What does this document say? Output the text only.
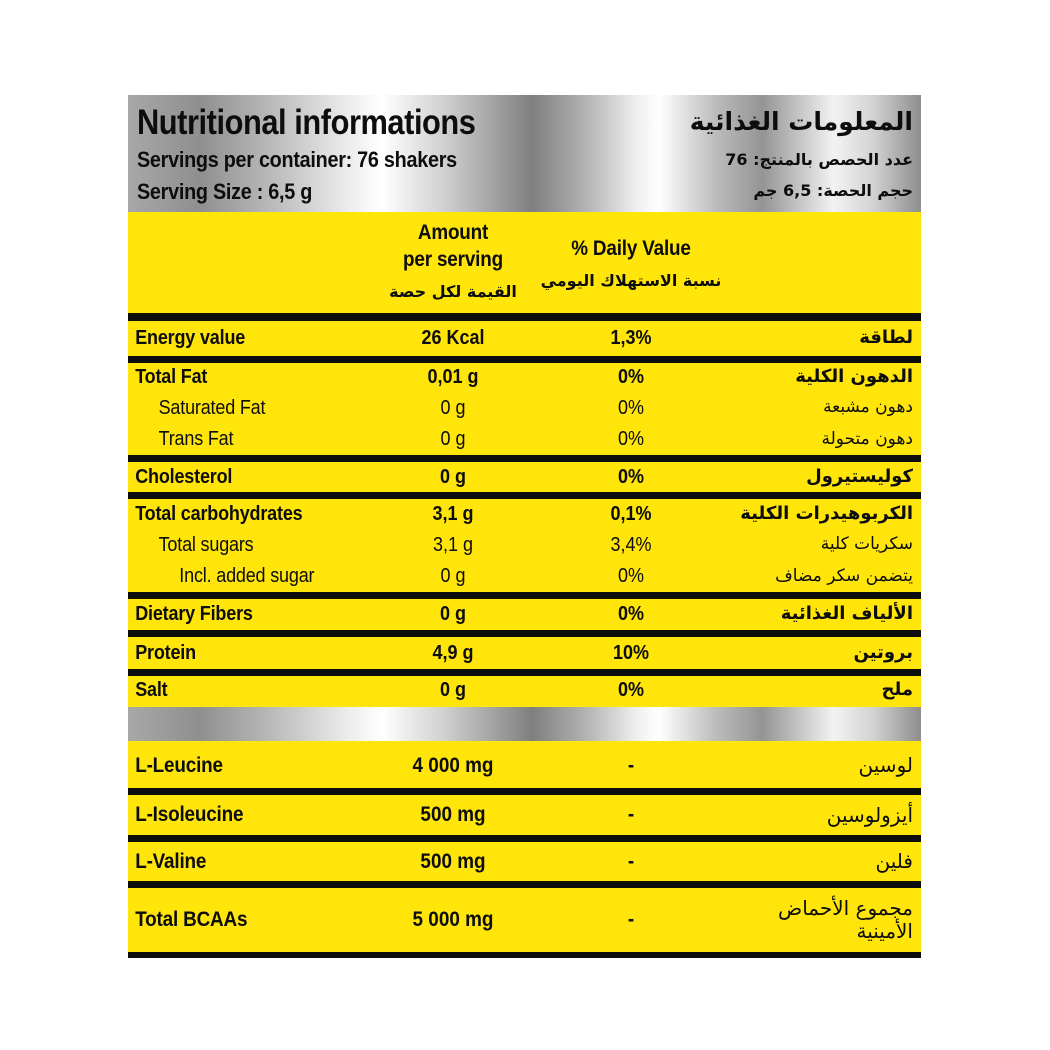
Nutritional informations
Servings per container: 76 shakers
Serving Size : 6,5 g
المعلومات الغذائية
عدد الحصص بالمنتج: 76
حجم الحصة: 6,5 جم
Amount
per serving
القيمة لكل حصة
% Daily Value
نسبة الاستهلاك اليومي
Energy value	26 Kcal	1,3%	لطاقة
Total Fat	0,01 g	0%	الدهون الكلية
Saturated Fat	0 g	0%	دهون مشبعة
Trans Fat	0 g	0%	دهون متحولة
Cholesterol	0 g	0%	كوليستيرول
Total carbohydrates	3,1 g	0,1%	الكربوهيدرات الكلية
Total sugars	3,1 g	3,4%	سكريات كلية
Incl. added sugar	0 g	0%	يتضمن سكر مضاف
Dietary Fibers	0 g	0%	الألياف الغذائية
Protein	4,9 g	10%	بروتين
Salt	0 g	0%	ملح
L-Leucine	4 000 mg	-	لوسين
L-Isoleucine	500 mg	-	أيزولوسين
L-Valine	500 mg	-	فلين
Total BCAAs	5 000 mg	-	مجموع الأحماض الأمينية
